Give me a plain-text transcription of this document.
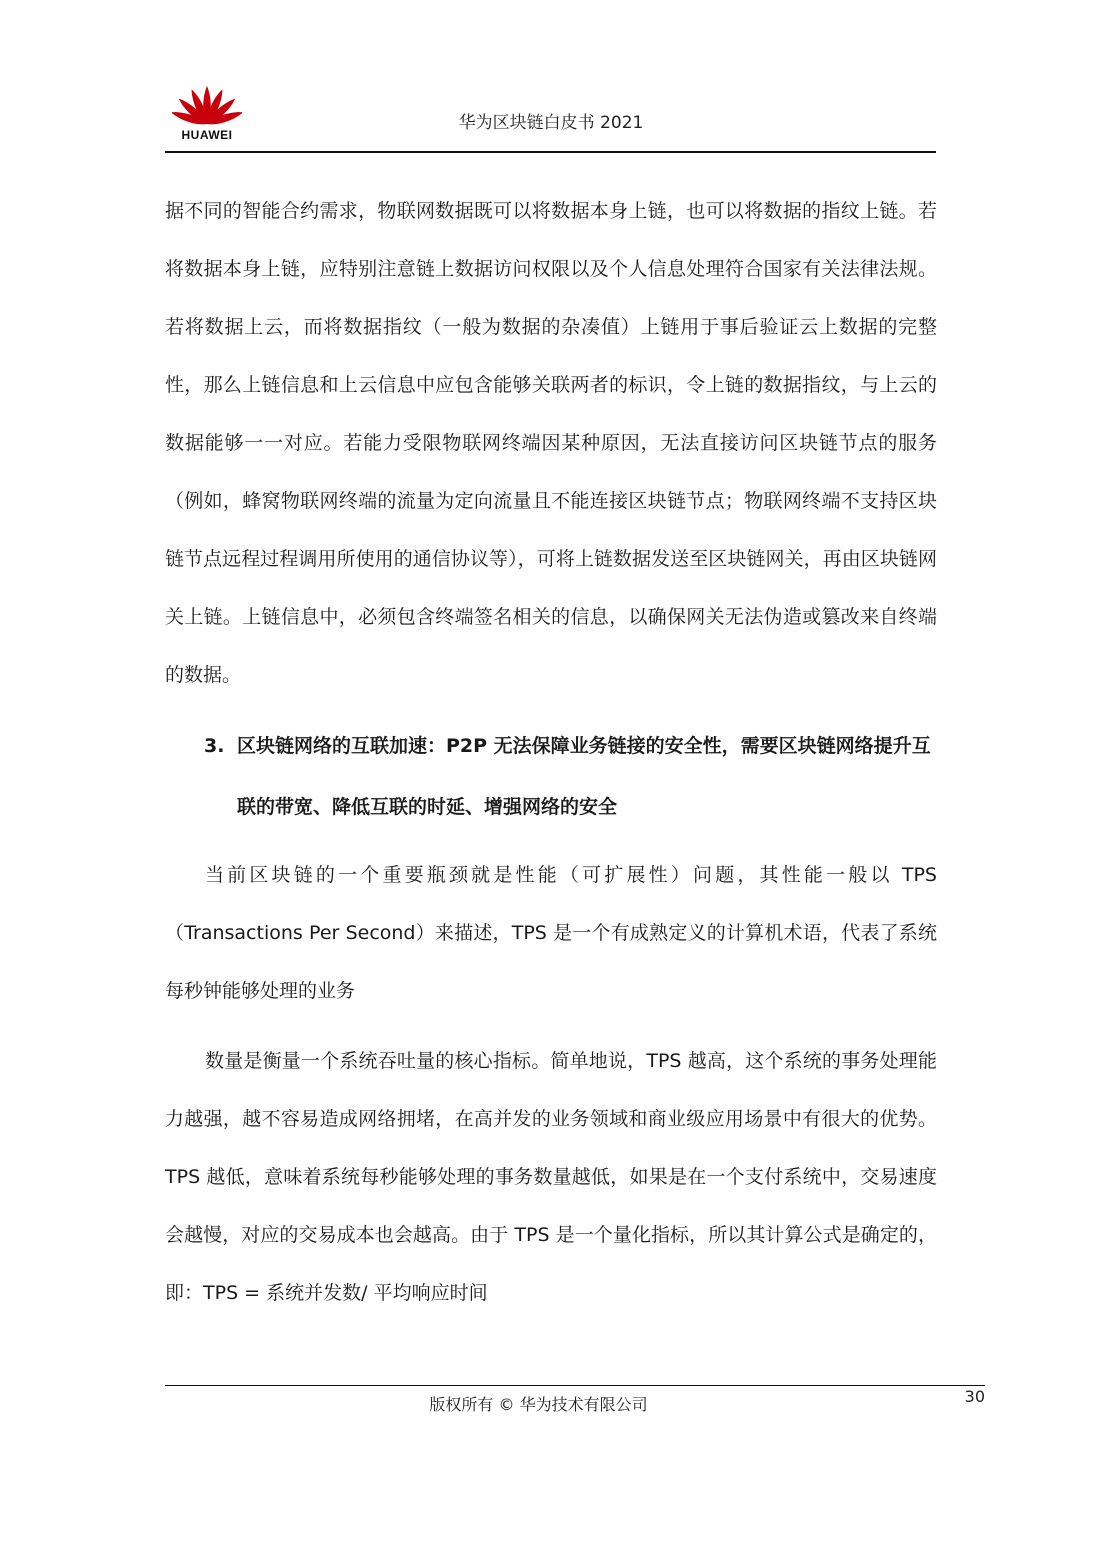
HUAWEI
华为区块链白皮书 2021

据不同的智能合约需求，物联网数据既可以将数据本身上链，也可以将数据的指纹上链。若将数据本身上链，应特别注意链上数据访问权限以及个人信息处理符合国家有关法律法规。若将数据上云，而将数据指纹（一般为数据的杂凑值）上链用于事后验证云上数据的完整性，那么上链信息和上云信息中应包含能够关联两者的标识，令上链的数据指纹，与上云的数据能够一一对应。若能力受限物联网终端因某种原因，无法直接访问区块链节点的服务（例如，蜂窝物联网终端的流量为定向流量且不能连接区块链节点；物联网终端不支持区块链节点远程过程调用所使用的通信协议等），可将上链数据发送至区块链网关，再由区块链网关上链。上链信息中，必须包含终端签名相关的信息，以确保网关无法伪造或篡改来自终端的数据。

3. 区块链网络的互联加速：P2P 无法保障业务链接的安全性，需要区块链网络提升互联的带宽、降低互联的时延、增强网络的安全

当前区块链的一个重要瓶颈就是性能（可扩展性）问题，其性能一般以 TPS（Transactions Per Second）来描述，TPS 是一个有成熟定义的计算机术语，代表了系统每秒钟能够处理的业务

数量是衡量一个系统吞吐量的核心指标。简单地说，TPS 越高，这个系统的事务处理能力越强，越不容易造成网络拥堵，在高并发的业务领域和商业级应用场景中有很大的优势。TPS 越低，意味着系统每秒能够处理的事务数量越低，如果是在一个支付系统中，交易速度会越慢，对应的交易成本也会越高。由于 TPS 是一个量化指标，所以其计算公式是确定的，即：TPS = 系统并发数/ 平均响应时间

版权所有 © 华为技术有限公司	30
